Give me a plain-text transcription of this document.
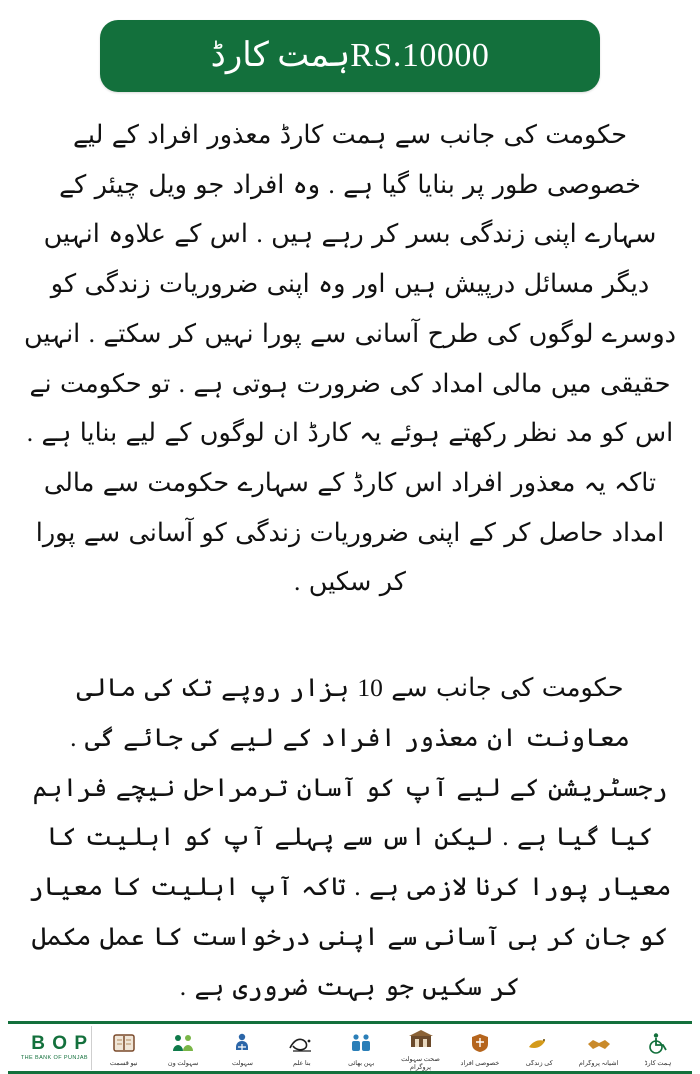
RS.10000ہمت کارڈ

حکومت کی جانب سے ہمت کارڈ معذور افراد کے لیے خصوصی طور پر بنایا گیا ہے . وہ افراد جو ویل چیئر کے سہارے اپنی زندگی بسر کر رہے ہیں . اس کے علاوہ انہیں دیگر مسائل درپیش ہیں اور وہ اپنی ضروریات زندگی کو دوسرے لوگوں کی طرح آسانی سے پورا نہیں کر سکتے . انہیں حقیقی میں مالی امداد کی ضرورت ہوتی ہے . تو حکومت نے اس کو مد نظر رکھتے ہوئے یہ کارڈ ان لوگوں کے لیے بنایا ہے . تاکہ یہ معذور افراد اس کارڈ کے سہارے حکومت سے مالی امداد حاصل کر کے اپنی ضروریات زندگی کو آسانی سے پورا کر سکیں .

حکومت کی جانب سے 10 ہزار روپے تک کی مالی معاونت ان معذور افراد کے لیے کی جائے گی . رجسٹریشن کے لیے آپ کو آسان ترمراحل نیچے فراہم کیا گیا ہے . لیکن اس سے پہلے آپ کو اہلیت کا معیار پورا کرنا لازمی ہے . تاکہ آپ اہلیت کا معیار کو جان کر ہی آسانی سے اپنی درخواست کا عمل مکمل کر سکیں جو بہت ضروری ہے .

B O P
THE BANK OF PUNJAB
نیو قسمت	سہولت ون	سہولت	بنا علم	بہن بھائی
صحت سہولت پروگرام
خصوصی افراد	کی زندگی	آشیانہ پروگرام	ہمت کارڈ
